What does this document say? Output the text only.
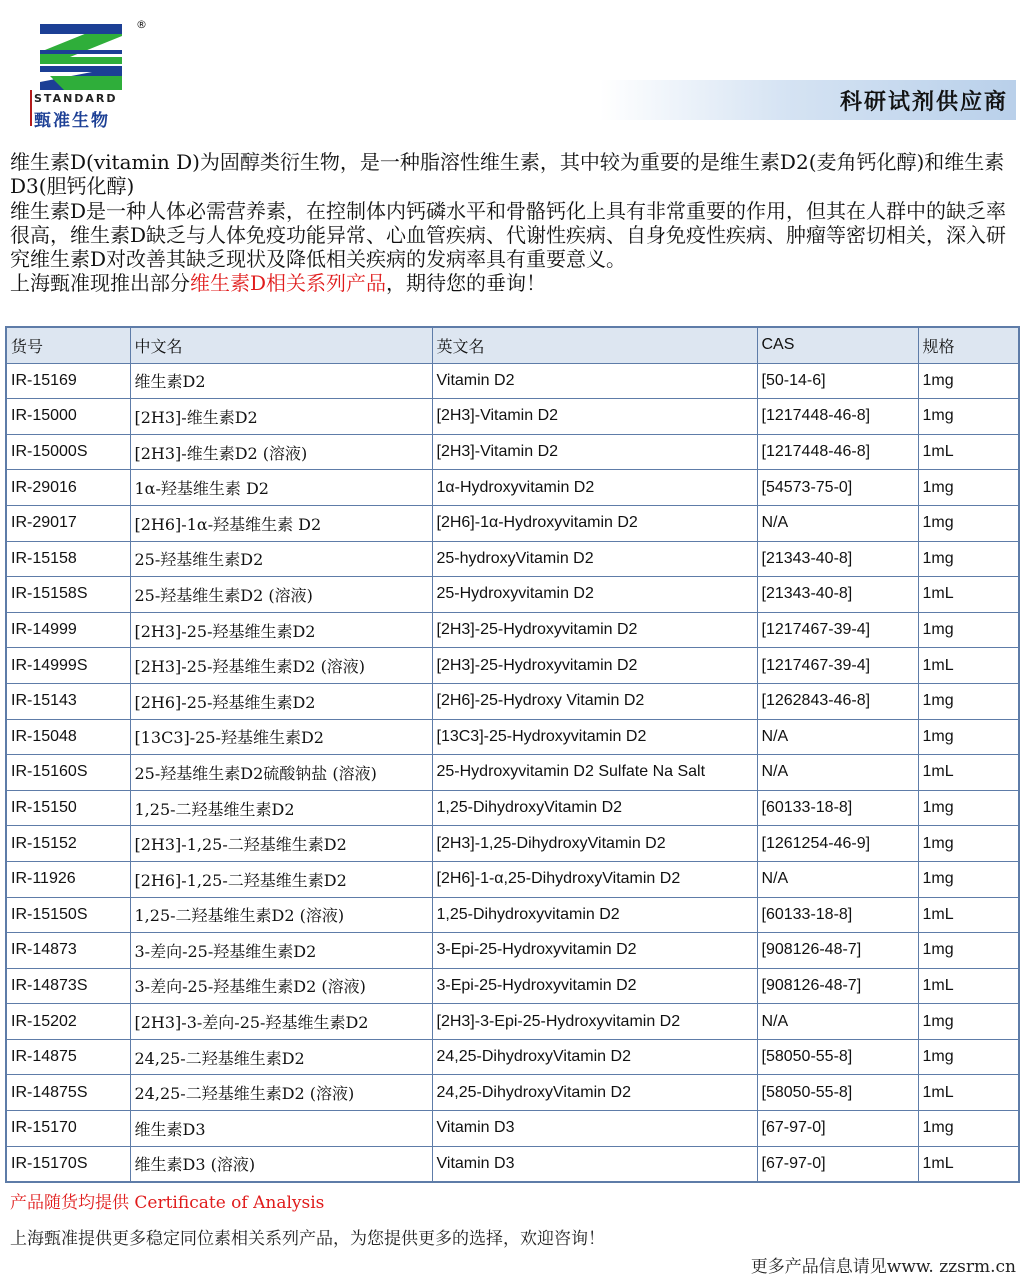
®
STANDARD
甄准生物
科研试剂供应商

维生素D(vitamin D)为固醇类衍生物，是一种脂溶性维生素，其中较为重要的是维生素D2(麦角钙化醇)和维生素D3(胆钙化醇)

维生素D是一种人体必需营养素，在控制体内钙磷水平和骨骼钙化上具有非常重要的作用，但其在人群中的缺乏率很高，维生素D缺乏与人体免疫功能异常、心血管疾病、代谢性疾病、自身免疫性疾病、肿瘤等密切相关，深入研究维生素D对改善其缺乏现状及降低相关疾病的发病率具有重要意义。

上海甄准现推出部分维生素D相关系列产品，期待您的垂询！

货号	中文名	英文名	CAS	规格
IR-15169	维生素D2	Vitamin D2	[50-14-6]	1mg
IR-15000	[2H3]-维生素D2	[2H3]-Vitamin D2	[1217448-46-8]	1mg
IR-15000S	[2H3]-维生素D2 (溶液)	[2H3]-Vitamin D2	[1217448-46-8]	1mL
IR-29016	1α-羟基维生素 D2	1α-Hydroxyvitamin D2	[54573-75-0]	1mg
IR-29017	[2H6]-1α-羟基维生素 D2	[2H6]-1α-Hydroxyvitamin D2	N/A	1mg
IR-15158	25-羟基维生素D2	25-hydroxyVitamin D2	[21343-40-8]	1mg
IR-15158S	25-羟基维生素D2 (溶液)	25-Hydroxyvitamin D2	[21343-40-8]	1mL
IR-14999	[2H3]-25-羟基维生素D2	[2H3]-25-Hydroxyvitamin D2	[1217467-39-4]	1mg
IR-14999S	[2H3]-25-羟基维生素D2 (溶液)	[2H3]-25-Hydroxyvitamin D2	[1217467-39-4]	1mL
IR-15143	[2H6]-25-羟基维生素D2	[2H6]-25-Hydroxy Vitamin D2	[1262843-46-8]	1mg
IR-15048	[13C3]-25-羟基维生素D2	[13C3]-25-Hydroxyvitamin D2	N/A	1mg
IR-15160S	25-羟基维生素D2硫酸钠盐 (溶液)	25-Hydroxyvitamin D2 Sulfate Na Salt	N/A	1mL
IR-15150	1,25-二羟基维生素D2	1,25-DihydroxyVitamin D2	[60133-18-8]	1mg
IR-15152	[2H3]-1,25-二羟基维生素D2	[2H3]-1,25-DihydroxyVitamin D2	[1261254-46-9]	1mg
IR-11926	[2H6]-1,25-二羟基维生素D2	[2H6]-1-α,25-DihydroxyVitamin D2	N/A	1mg
IR-15150S	1,25-二羟基维生素D2 (溶液)	1,25-Dihydroxyvitamin D2	[60133-18-8]	1mL
IR-14873	3-差向-25-羟基维生素D2	3-Epi-25-Hydroxyvitamin D2	[908126-48-7]	1mg
IR-14873S	3-差向-25-羟基维生素D2 (溶液)	3-Epi-25-Hydroxyvitamin D2	[908126-48-7]	1mL
IR-15202	[2H3]-3-差向-25-羟基维生素D2	[2H3]-3-Epi-25-Hydroxyvitamin D2	N/A	1mg
IR-14875	24,25-二羟基维生素D2	24,25-DihydroxyVitamin D2	[58050-55-8]	1mg
IR-14875S	24,25-二羟基维生素D2 (溶液)	24,25-DihydroxyVitamin D2	[58050-55-8]	1mL
IR-15170	维生素D3	Vitamin D3	[67-97-0]	1mg
IR-15170S	维生素D3 (溶液)	Vitamin D3	[67-97-0]	1mL
产品随货均提供 Certificate of Analysis
上海甄准提供更多稳定同位素相关系列产品，为您提供更多的选择，欢迎咨询！
更多产品信息请见www. zzsrm.cn
